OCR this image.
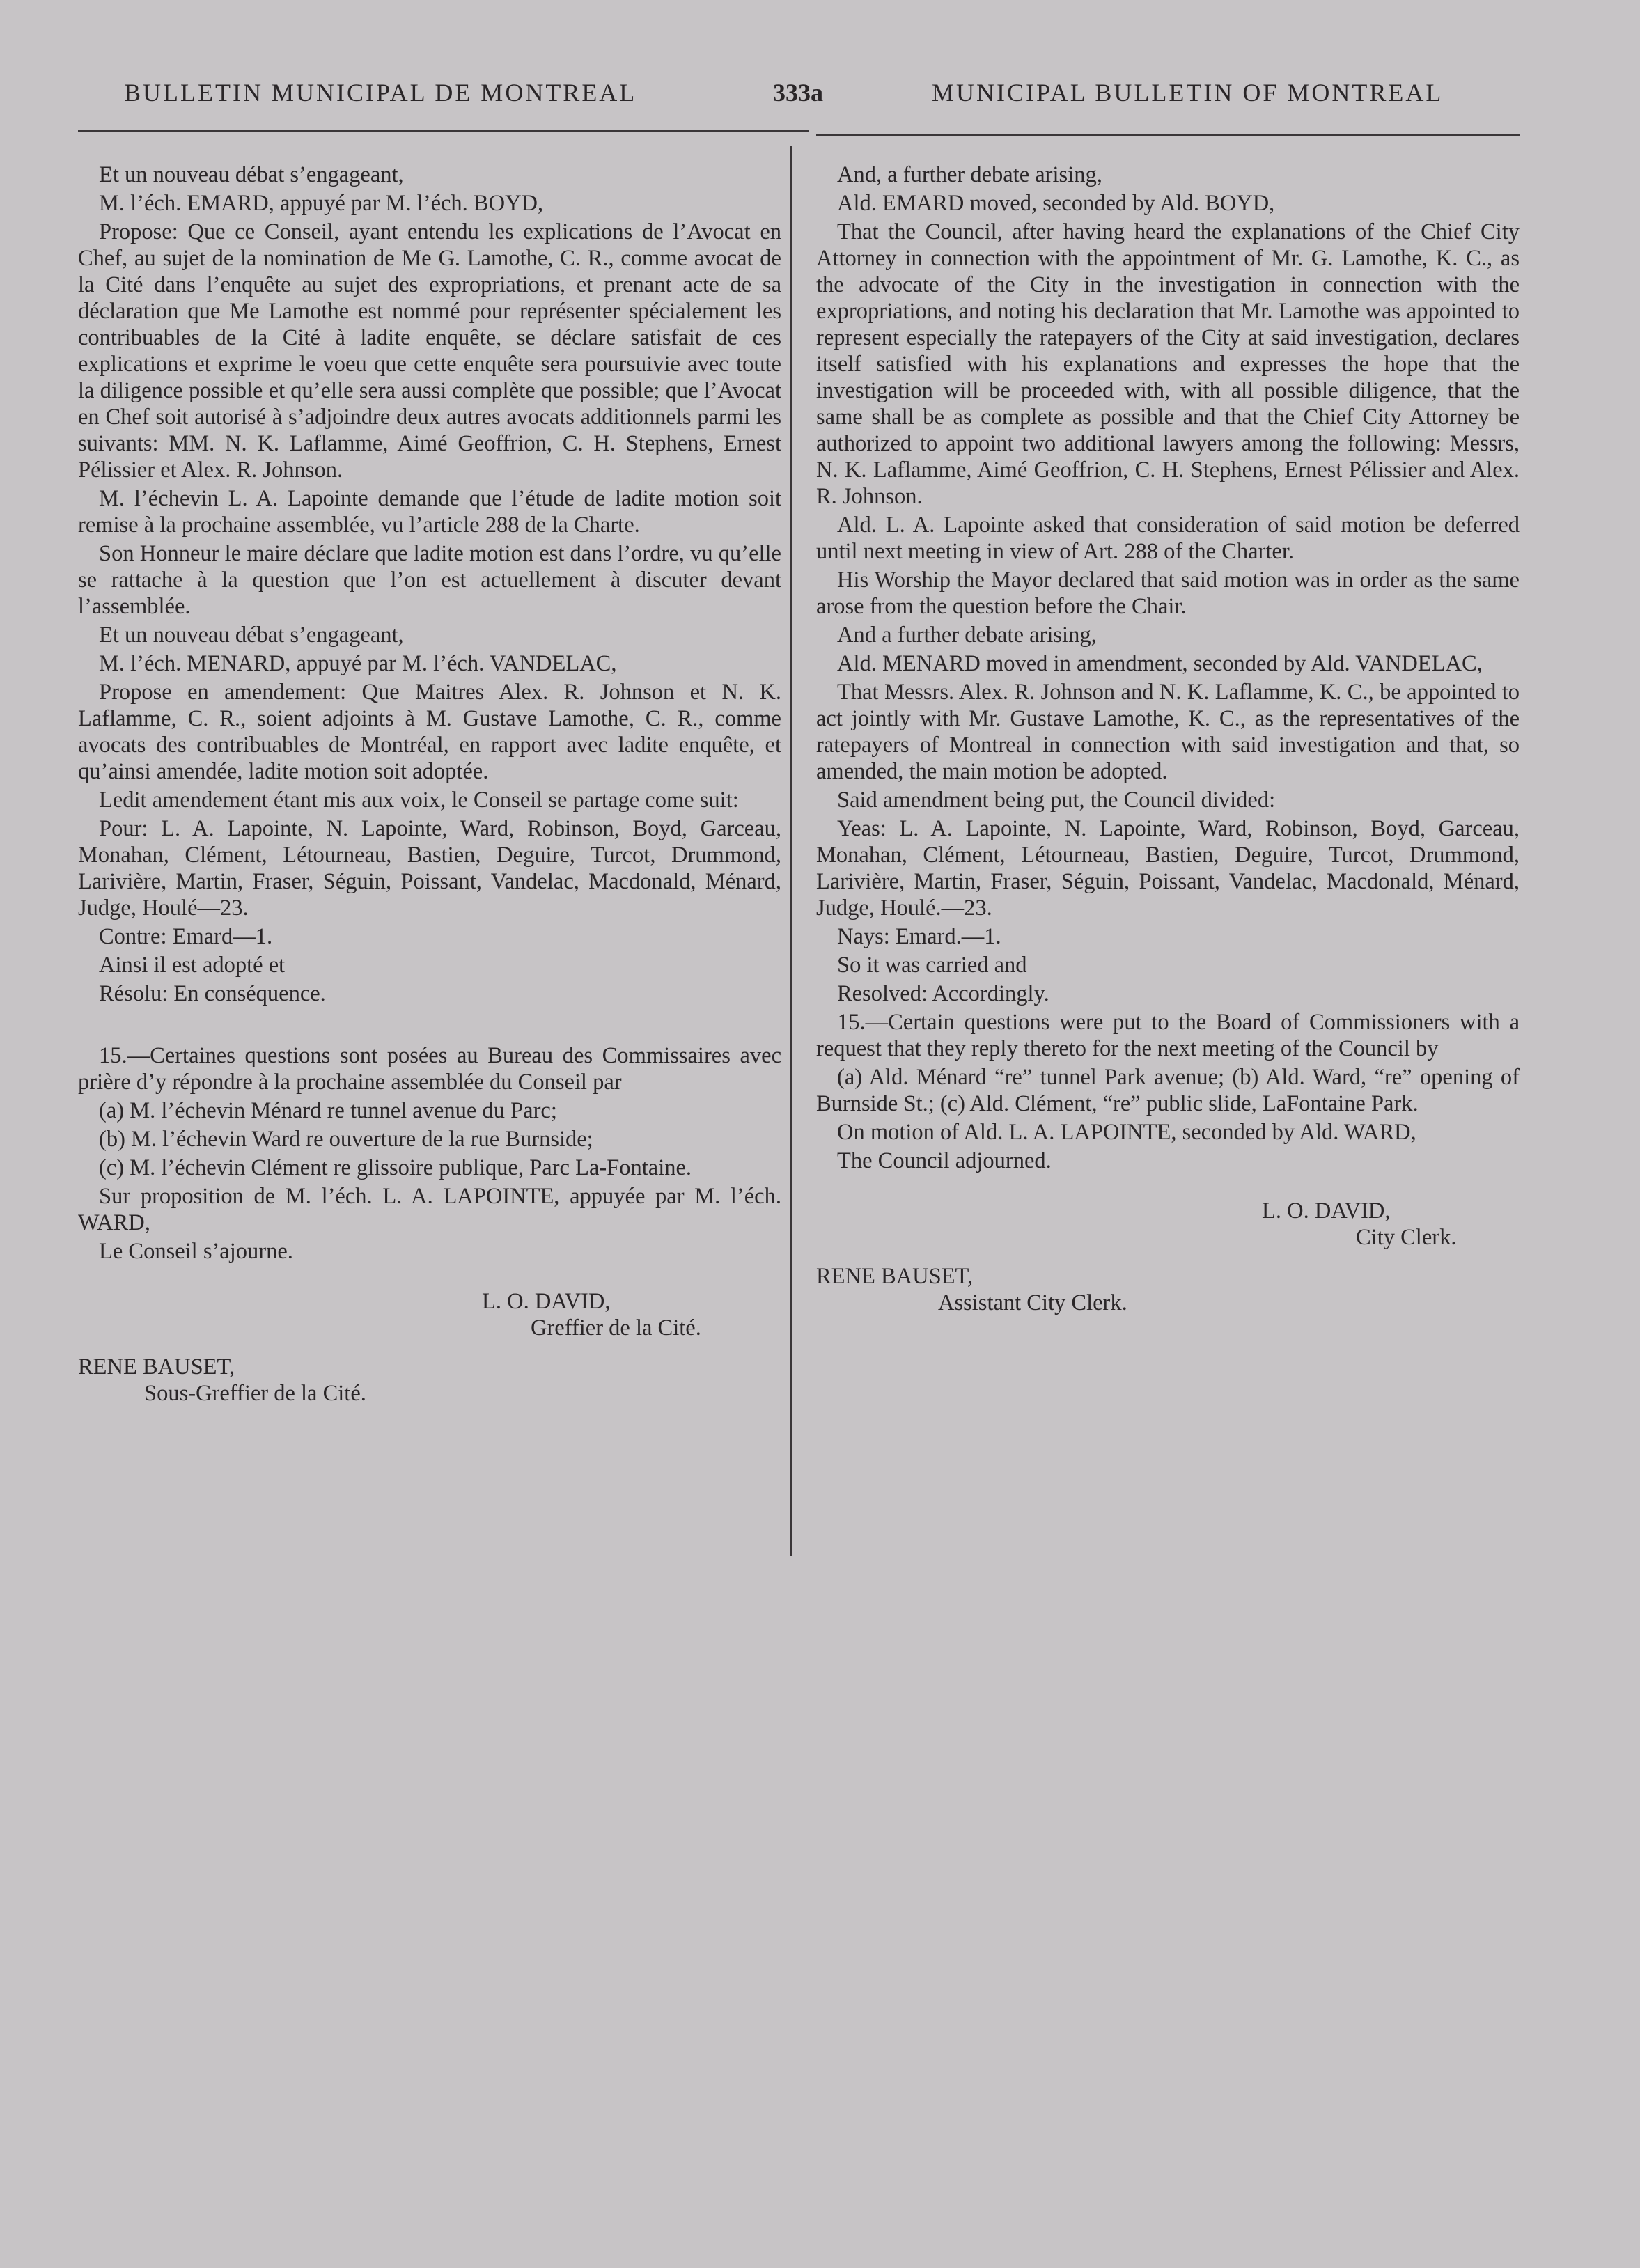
BULLETIN MUNICIPAL DE MONTREAL	333a	MUNICIPAL BULLETIN OF MONTREAL

Et un nouveau débat s’engageant,

M. l’éch. EMARD, appuyé par M. l’éch. BOYD,

Propose: Que ce Conseil, ayant entendu les explications de l’Avocat en Chef, au sujet de la nomination de Me G. Lamothe, C. R., comme avocat de la Cité dans l’enquête au sujet des expropriations, et prenant acte de sa déclaration que Me Lamothe est nommé pour représenter spécialement les contribuables de la Cité à ladite enquête, se déclare satisfait de ces explications et exprime le voeu que cette enquête sera poursuivie avec toute la diligence possible et qu’elle sera aussi complète que possible; que l’Avocat en Chef soit autorisé à s’adjoindre deux autres avocats additionnels parmi les suivants: MM. N. K. Laflamme, Aimé Geoffrion, C. H. Stephens, Ernest Pélissier et Alex. R. Johnson.

M. l’échevin L. A. Lapointe demande que l’étude de ladite motion soit remise à la prochaine assemblée, vu l’article 288 de la Charte.

Son Honneur le maire déclare que ladite motion est dans l’ordre, vu qu’elle se rattache à la question que l’on est actuellement à discuter devant l’assemblée.

Et un nouveau débat s’engageant,

M. l’éch. MENARD, appuyé par M. l’éch. VANDELAC,

Propose en amendement: Que Maitres Alex. R. Johnson et N. K. Laflamme, C. R., soient adjoints à M. Gustave Lamothe, C. R., comme avocats des contribuables de Montréal, en rapport avec ladite enquête, et qu’ainsi amendée, ladite motion soit adoptée.

Ledit amendement étant mis aux voix, le Conseil se partage come suit:

Pour: L. A. Lapointe, N. Lapointe, Ward, Robinson, Boyd, Garceau, Monahan, Clément, Létourneau, Bastien, Deguire, Turcot, Drummond, Larivière, Martin, Fraser, Séguin, Poissant, Vandelac, Macdonald, Ménard, Judge, Houlé—23.

Contre: Emard—1.

Ainsi il est adopté et

Résolu: En conséquence.

15.—Certaines questions sont posées au Bureau des Commissaires avec prière d’y répondre à la prochaine assemblée du Conseil par

(a) M. l’échevin Ménard re tunnel avenue du Parc;

(b) M. l’échevin Ward re ouverture de la rue Burnside;

(c) M. l’échevin Clément re glissoire publique, Parc La-Fontaine.

Sur proposition de M. l’éch. L. A. LAPOINTE, appuyée par M. l’éch. WARD,

Le Conseil s’ajourne.

L. O. DAVID,

Greffier de la Cité.

RENE BAUSET,

Sous-Greffier de la Cité.

And, a further debate arising,

Ald. EMARD moved, seconded by Ald. BOYD,

That the Council, after having heard the explanations of the Chief City Attorney in connection with the appointment of Mr. G. Lamothe, K. C., as the advocate of the City in the investigation in connection with the expropriations, and noting his declaration that Mr. Lamothe was appointed to represent especially the ratepayers of the City at said investigation, declares itself satisfied with his explanations and expresses the hope that the investigation will be proceeded with, with all possible diligence, that the same shall be as complete as possible and that the Chief City Attorney be authorized to appoint two additional lawyers among the following: Messrs, N. K. Laflamme, Aimé Geoffrion, C. H. Stephens, Ernest Pélissier and Alex. R. Johnson.

Ald. L. A. Lapointe asked that consideration of said motion be deferred until next meeting in view of Art. 288 of the Charter.

His Worship the Mayor declared that said motion was in order as the same arose from the question before the Chair.

And a further debate arising,

Ald. MENARD moved in amendment, seconded by Ald. VANDELAC,

That Messrs. Alex. R. Johnson and N. K. Laflamme, K. C., be appointed to act jointly with Mr. Gustave Lamothe, K. C., as the representatives of the ratepayers of Montreal in connection with said investigation and that, so amended, the main motion be adopted.

Said amendment being put, the Council divided:

Yeas: L. A. Lapointe, N. Lapointe, Ward, Robinson, Boyd, Garceau, Monahan, Clément, Létourneau, Bastien, Deguire, Turcot, Drummond, Larivière, Martin, Fraser, Séguin, Poissant, Vandelac, Macdonald, Ménard, Judge, Houlé.—23.

Nays: Emard.—1.

So it was carried and

Resolved: Accordingly.

15.—Certain questions were put to the Board of Commissioners with a request that they reply thereto for the next meeting of the Council by

(a) Ald. Ménard “re” tunnel Park avenue; (b) Ald. Ward, “re” opening of Burnside St.; (c) Ald. Clément, “re” public slide, LaFontaine Park.

On motion of Ald. L. A. LAPOINTE, seconded by Ald. WARD,

The Council adjourned.

L. O. DAVID,

City Clerk.

RENE BAUSET,

Assistant City Clerk.
